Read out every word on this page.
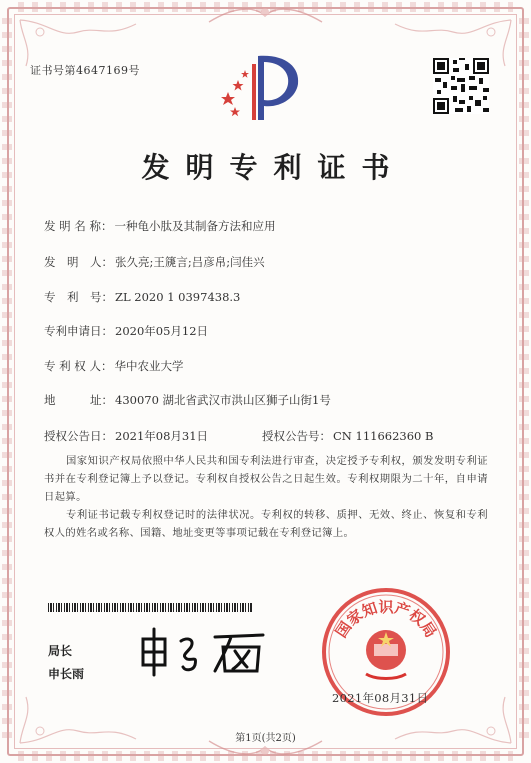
证书号第4647169号
发明专利证书
发 明 名 称： 一种龟小肽及其制备方法和应用
发　明　人： 张久亮;王篪言;吕彦帛;闫佳兴
专　利　号： ZL 2020 1 0397438.3
专利申请日： 2020年05月12日
专 利 权 人： 华中农业大学
地　　　址： 430070 湖北省武汉市洪山区狮子山街1号
授权公告日： 2021年08月31日	授权公告号： CN 111662360 B
国家知识产权局依照中华人民共和国专利法进行审查，决定授予专利权，颁发发明专利证书并在专利登记簿上予以登记。专利权自授权公告之日起生效。专利权期限为二十年，自申请日起算。
专利证书记载专利权登记时的法律状况。专利权的转移、质押、无效、终止、恢复和专利权人的姓名或名称、国籍、地址变更等事项记载在专利登记簿上。
局长
申长雨
国家知识产权局
2021年08月31日
第1页(共2页)
